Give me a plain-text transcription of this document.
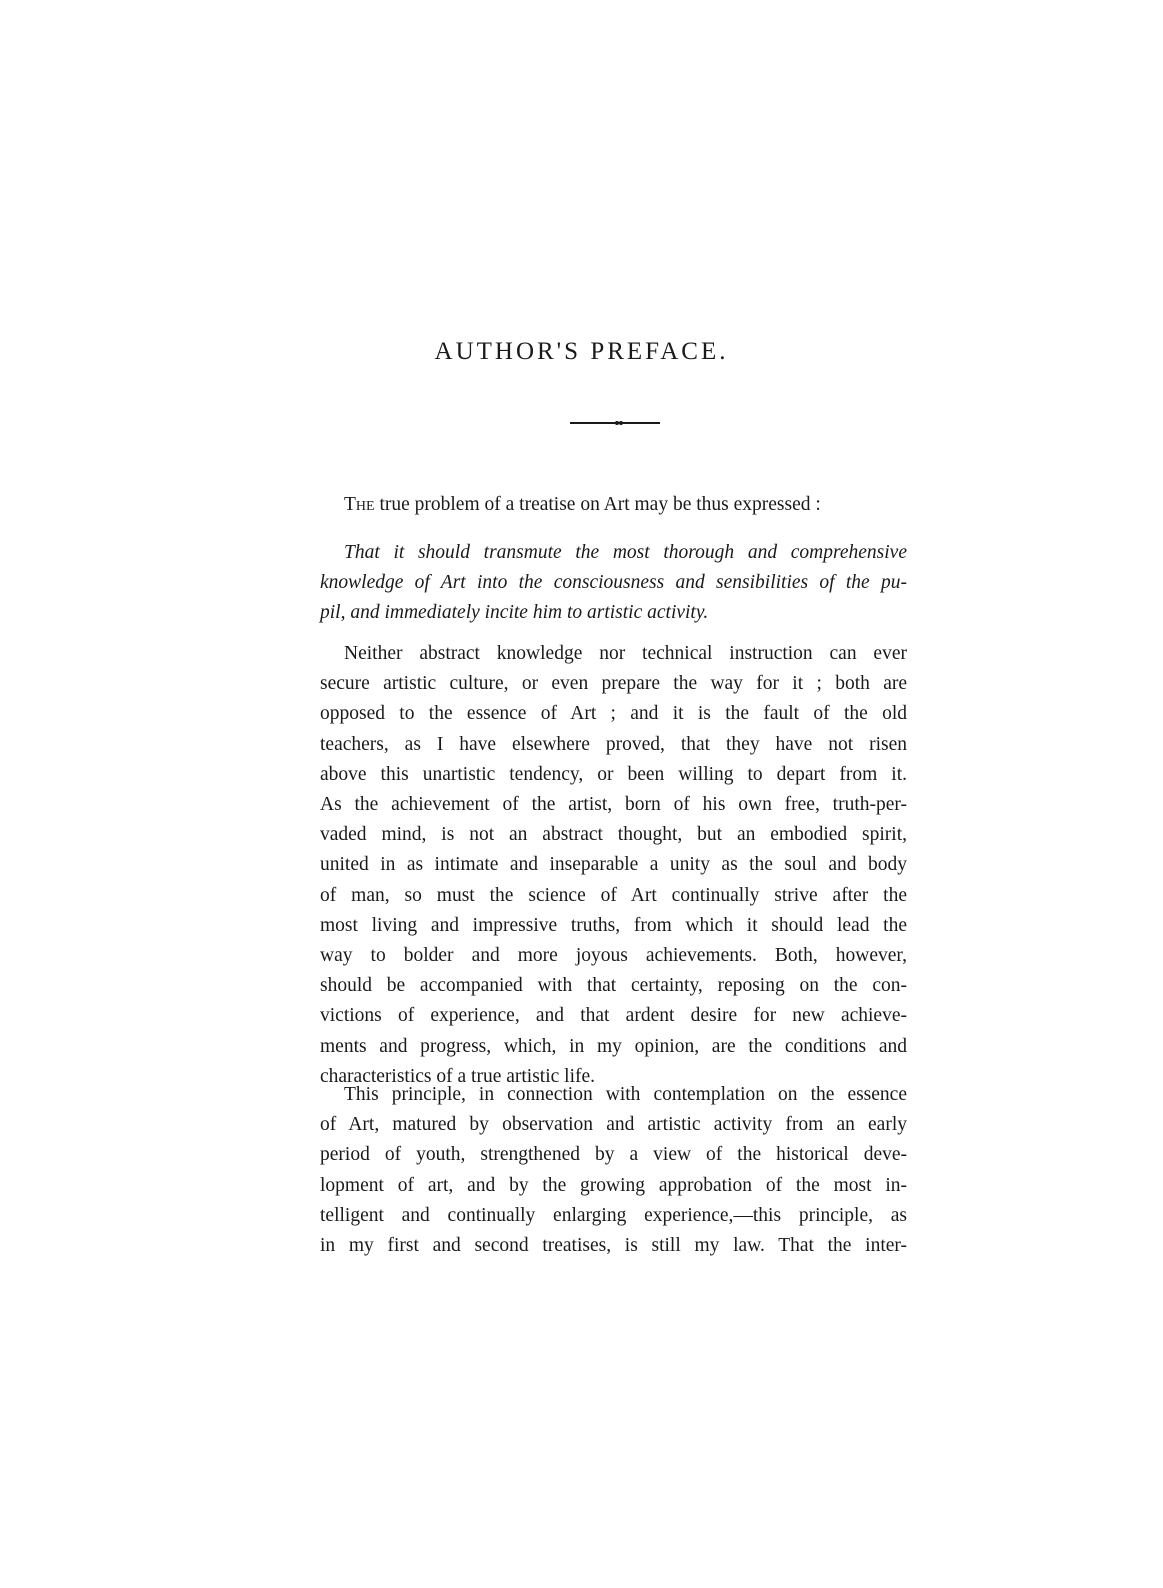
AUTHOR'S PREFACE.
The true problem of a treatise on Art may be thus expressed :
That it should transmute the most thorough and comprehensive
knowledge of Art into the consciousness and sensibilities of the pu-
pil, and immediately incite him to artistic activity.
Neither abstract knowledge nor technical instruction can ever
secure artistic culture, or even prepare the way for it ; both are
opposed to the essence of Art ; and it is the fault of the old
teachers, as I have elsewhere proved, that they have not risen
above this unartistic tendency, or been willing to depart from it.
As the achievement of the artist, born of his own free, truth-per-
vaded mind, is not an abstract thought, but an embodied spirit,
united in as intimate and inseparable a unity as the soul and body
of man, so must the science of Art continually strive after the
most living and impressive truths, from which it should lead the
way to bolder and more joyous achievements. Both, however,
should be accompanied with that certainty, reposing on the con-
victions of experience, and that ardent desire for new achieve-
ments and progress, which, in my opinion, are the conditions and
characteristics of a true artistic life.
This principle, in connection with contemplation on the essence
of Art, matured by observation and artistic activity from an early
period of youth, strengthened by a view of the historical deve-
lopment of art, and by the growing approbation of the most in-
telligent and continually enlarging experience,—this principle, as
in my first and second treatises, is still my law. That the inter-
